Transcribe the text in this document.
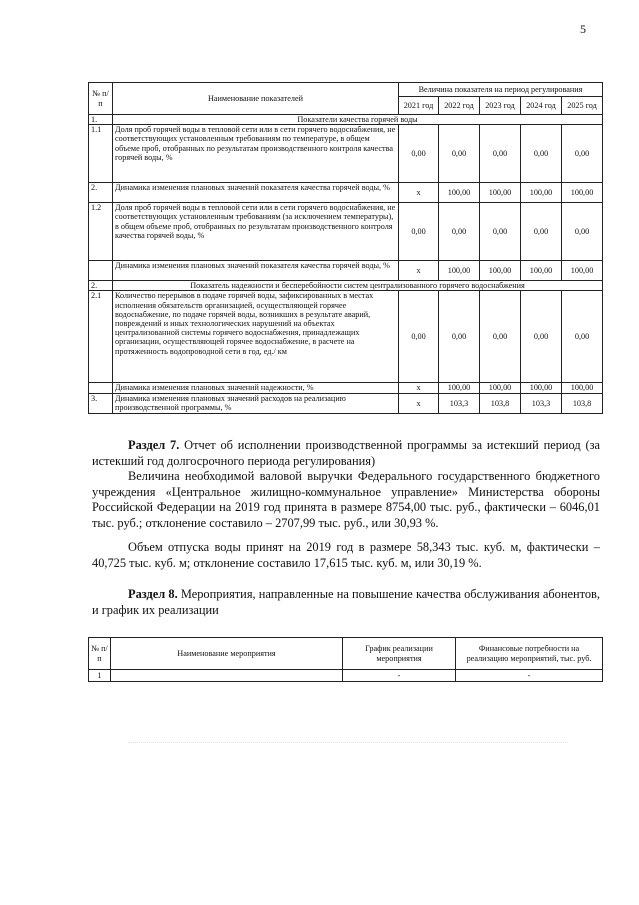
5
№ п/п	Наименование показателей	Величина показателя на период регулирования				
		2021 год	2022 год	2023 год	2024 год	2025 год
1.	Показатели качества горячей воды					
1.1	Доля проб горячей воды в тепловой сети или в сети горячего водоснабжения, не соответствующих установленным требованиям по температуре, в общем объеме проб, отобранных по результатам производственного контроля качества горячей воды, %	0,00	0,00	0,00	0,00	0,00
2.	Динамика изменения плановых значений показателя качества горячей воды, %	х	100,00	100,00	100,00	100,00
1.2	Доля проб горячей воды в тепловой сети или в сети горячего водоснабжения, не соответствующих установленным требованиям (за исключением температуры), в общем объеме проб, отобранных по результатам производственного контроля качества горячей воды, %	0,00	0,00	0,00	0,00	0,00
	Динамика изменения плановых значений показателя качества горячей воды, %	х	100,00	100,00	100,00	100,00
2.	Показатель надежности и бесперебойности систем централизованного горячего водоснабжения					
2.1	Количество перерывов в подаче горячей воды, зафиксированных в местах исполнения обязательств организацией, осуществляющей горячее водоснабжение, по подаче горячей воды, возникших в результате аварий, повреждений и иных технологических нарушений на объектах централизованной системы горячего водоснабжения, принадлежащих организации, осуществляющей горячее водоснабжение, в расчете на протяженность водопроводной сети в год, ед./ км	0,00	0,00	0,00	0,00	0,00
	Динамика изменения плановых значений надежности, %	х	100,00	100,00	100,00	100,00
3.	Динамика изменения плановых значений расходов на реализацию производственной программы, %	х	103,3	103,8	103,3	103,8
Раздел 7. Отчет об исполнении производственной программы за истекший период (за истекший год долгосрочного периода регулирования)
Величина необходимой валовой выручки Федерального государственного бюджетного учреждения «Центральное жилищно-коммунальное управление» Министерства обороны Российской Федерации на 2019 год принята в размере 8754,00 тыс. руб., фактически – 6046,01 тыс. руб.; отклонение составило – 2707,99 тыс. руб., или 30,93 %.
Объем отпуска воды принят на 2019 год в размере 58,343 тыс. куб. м, фактически – 40,725 тыс. куб. м; отклонение составило 17,615 тыс. куб. м, или 30,19 %.
Раздел 8. Мероприятия, направленные на повышение качества обслуживания абонентов, и график их реализации
№ п/п	Наименование мероприятия	График реализации мероприятия	Финансовые потребности на реализацию мероприятий, тыс. руб.
1		-	-
